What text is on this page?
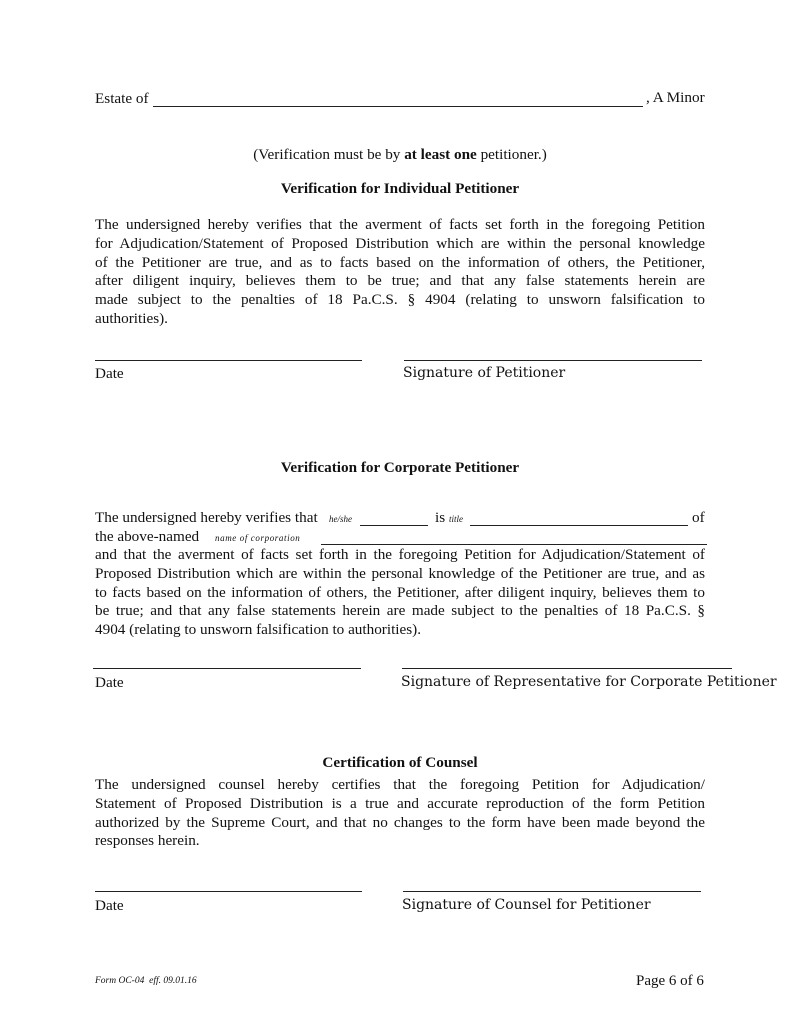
Estate of	, A Minor
(Verification must be by at least one petitioner.)
Verification for Individual Petitioner
The undersigned hereby verifies that the averment of facts set forth in the foregoing Petition
for Adjudication/Statement of Proposed Distribution which are within the personal knowledge
of the Petitioner are true, and as to facts based on the information of others, the Petitioner,
after diligent inquiry, believes them to be true; and that any false statements herein are
made subject to the penalties of 18 Pa.C.S. § 4904 (relating to unsworn falsification to
authorities).
Date	Signature of Petitioner
Verification for Corporate Petitioner
The undersigned hereby verifies that he/she	is title	of
the above-named name of corporation
and that the averment of facts set forth in the foregoing Petition for Adjudication/Statement of
Proposed Distribution which are within the personal knowledge of the Petitioner are true, and as
to facts based on the information of others, the Petitioner, after diligent inquiry, believes them to
be true; and that any false statements herein are made subject to the penalties of 18 Pa.C.S. §
4904 (relating to unsworn falsification to authorities).
Date	Signature of Representative for Corporate Petitioner
Certification of Counsel
The undersigned counsel hereby certifies that the foregoing Petition for Adjudication/
Statement of Proposed Distribution is a true and accurate reproduction of the form Petition
authorized by the Supreme Court, and that no changes to the form have been made beyond the
responses herein.
Date	Signature of Counsel for Petitioner
Form OC-04  eff. 09.01.16	Page 6 of 6
